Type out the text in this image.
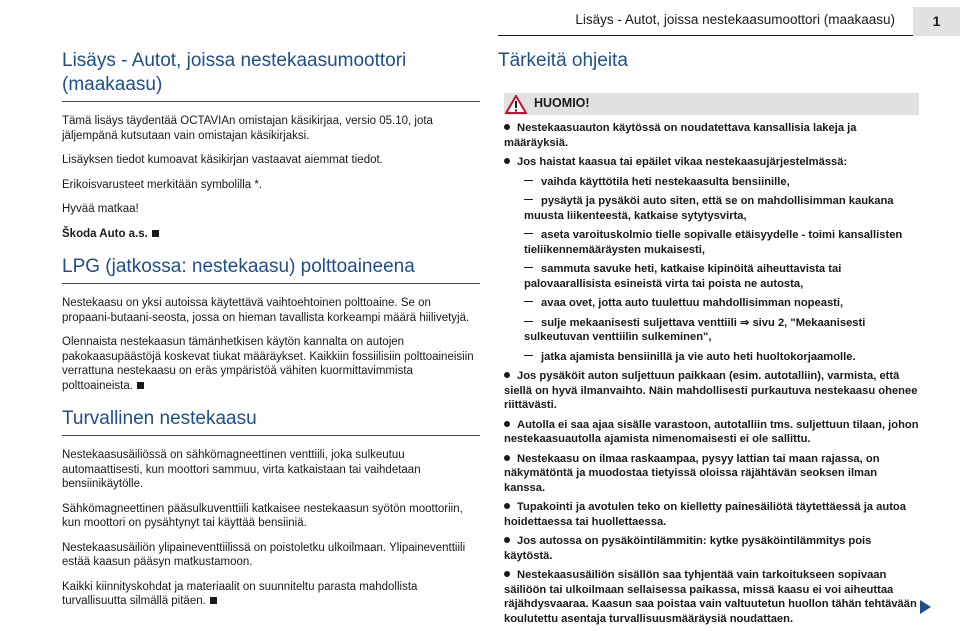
Lisäys - Autot, joissa nestekaasumoottori (maakaasu)	1
Lisäys - Autot, joissa nestekaasumoottori (maakaasu)

Tämä lisäys täydentää OCTAVIAn omistajan käsikirjaa, versio 05.10, jota jäljempänä kutsutaan vain omistajan käsikirjaksi.

Lisäyksen tiedot kumoavat käsikirjan vastaavat aiemmat tiedot.

Erikoisvarusteet merkitään symbolilla *.

Hyvää matkaa!

Škoda Auto a.s.

LPG (jatkossa: nestekaasu) polttoaineena

Nestekaasu on yksi autoissa käytettävä vaihtoehtoinen polttoaine. Se on propaani-butaani-seosta, jossa on hieman tavallista korkeampi määrä hiilivetyjä.

Olennaista nestekaasun tämänhetkisen käytön kannalta on autojen pakokaasupäästöjä koskevat tiukat määräykset. Kaikkiin fossiilisiin polttoaineisiin verrattuna nestekaasu on eräs ympäristöä vähiten kuormittavimmista polttoaineista.

Turvallinen nestekaasu

Nestekaasusäiliössä on sähkömagneettinen venttiili, joka sulkeutuu automaattisesti, kun moottori sammuu, virta katkaistaan tai vaihdetaan bensiinikäytölle.

Sähkömagneettinen pääsulkuventtiili katkaisee nestekaasun syötön moottoriin, kun moottori on pysähtynyt tai käyttää bensiiniä.

Nestekaasusäiliön ylipaineventtiilissä on poistoletku ulkoilmaan. Ylipaineventtiili estää kaasun pääsyn matkustamoon.

Kaikki kiinnityskohdat ja materiaalit on suunniteltu parasta mahdollista turvallisuutta silmällä pitäen.

Tärkeitä ohjeita
HUOMIO!
Nestekaasuauton käytössä on noudatettava kansallisia lakeja ja määräyksiä.
Jos haistat kaasua tai epäilet vikaa nestekaasujärjestelmässä:
vaihda käyttötila heti nestekaasulta bensiinille,
pysäytä ja pysäköi auto siten, että se on mahdollisimman kaukana muusta liikenteestä, katkaise sytytysvirta,
aseta varoituskolmio tielle sopivalle etäisyydelle - toimi kansallisten tieliikennemääräysten mukaisesti,
sammuta savuke heti, katkaise kipinöitä aiheuttavista tai palovaarallisista esineistä virta tai poista ne autosta,
avaa ovet, jotta auto tuulettuu mahdollisimman nopeasti,
sulje mekaanisesti suljettava venttiili ⇒ sivu 2, "Mekaanisesti sulkeutuvan venttiilin sulkeminen",
jatka ajamista bensiinillä ja vie auto heti huoltokorjaamolle.
Jos pysäköit auton suljettuun paikkaan (esim. autotalliin), varmista, että siellä on hyvä ilmanvaihto. Näin mahdollisesti purkautuva nestekaasu ohenee riittävästi.
Autolla ei saa ajaa sisälle varastoon, autotalliin tms. suljettuun tilaan, johon nestekaasuautolla ajamista nimenomaisesti ei ole sallittu.
Nestekaasu on ilmaa raskaampaa, pysyy lattian tai maan rajassa, on näkymätöntä ja muodostaa tietyissä oloissa räjähtävän seoksen ilman kanssa.
Tupakointi ja avotulen teko on kielletty painesäiliötä täytettäessä ja autoa hoidettaessa tai huollettaessa.
Jos autossa on pysäköintilämmitin: kytke pysäköintilämmitys pois käytöstä.
Nestekaasusäiliön sisällön saa tyhjentää vain tarkoitukseen sopivaan säiliöön tai ulkoilmaan sellaisessa paikassa, missä kaasu ei voi aiheuttaa räjähdysvaaraa. Kaasun saa poistaa vain valtuutetun huollon tähän tehtävään koulutettu asentaja turvallisuusmääräysiä noudattaen.
